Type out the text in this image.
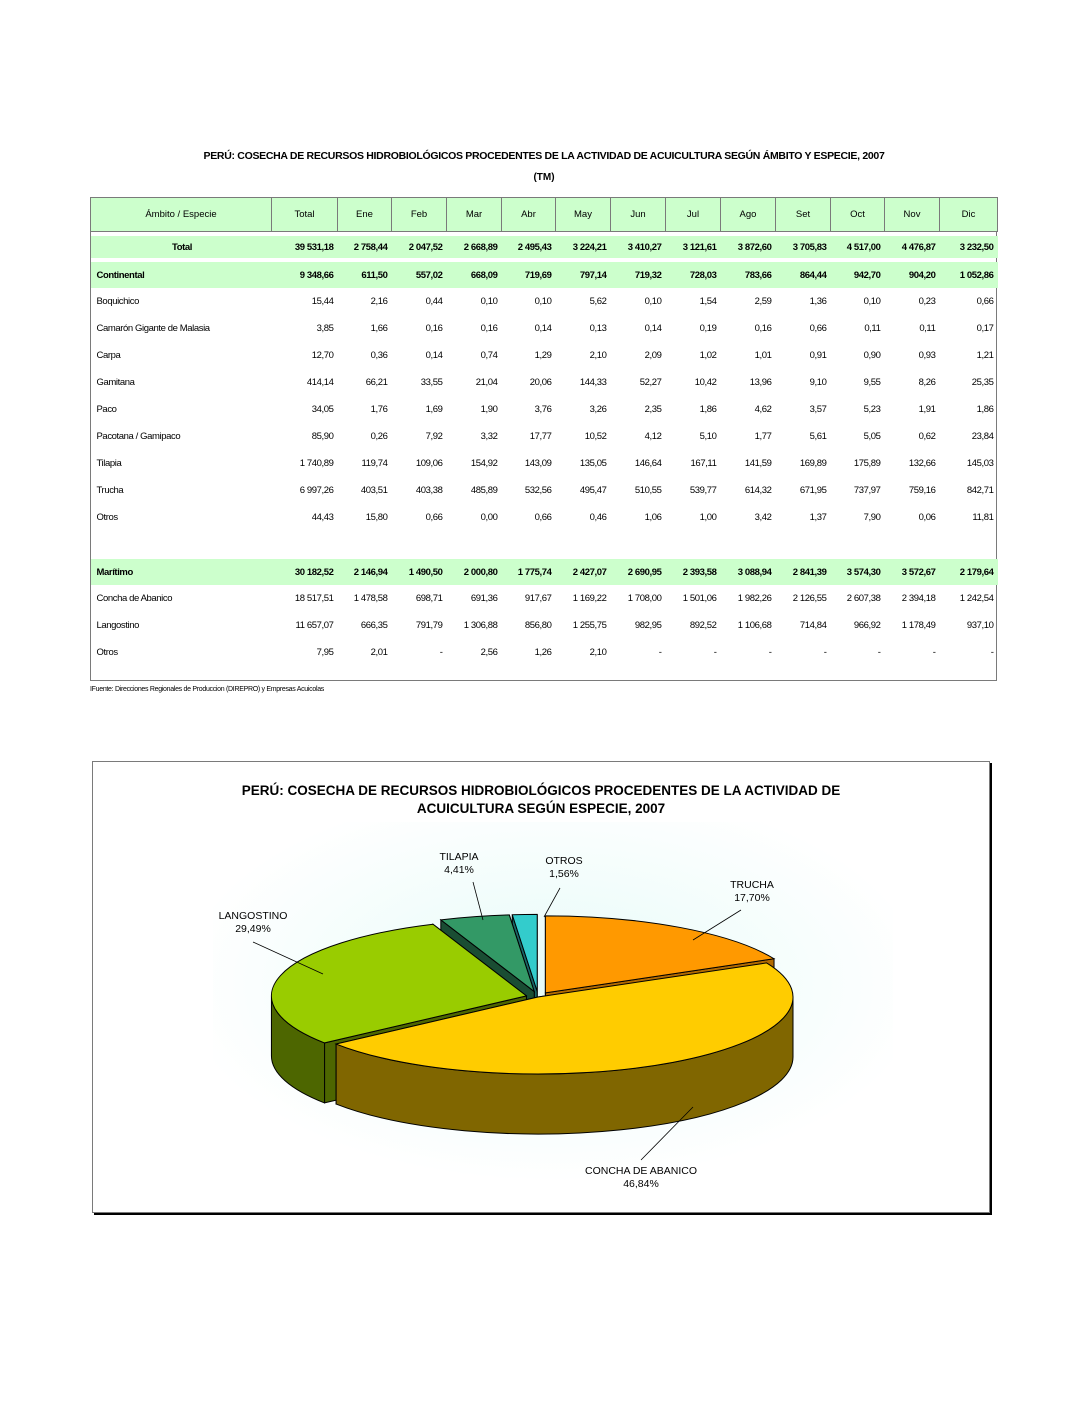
PERÚ: COSECHA DE RECURSOS HIDROBIOLÓGICOS PROCEDENTES DE LA ACTIVIDAD DE ACUICULTURA SEGÚN ÁMBITO Y ESPECIE, 2007
(TM)
Ámbito / Especie	Total	Ene	Feb	Mar	Abr	May	Jun	Jul	Ago	Set	Oct	Nov	Dic

Total	39 531,18	2 758,44	2 047,52	2 668,89	2 495,43	3 224,21	3 410,27	3 121,61	3 872,60	3 705,83	4 517,00	4 476,87	3 232,50

Continental	9 348,66	611,50	557,02	668,09	719,69	797,14	719,32	728,03	783,66	864,44	942,70	904,20	1 052,86
Boquichico	15,44	2,16	0,44	0,10	0,10	5,62	0,10	1,54	2,59	1,36	0,10	0,23	0,66
Camarón Gigante de Malasia	3,85	1,66	0,16	0,16	0,14	0,13	0,14	0,19	0,16	0,66	0,11	0,11	0,17
Carpa	12,70	0,36	0,14	0,74	1,29	2,10	2,09	1,02	1,01	0,91	0,90	0,93	1,21
Gamitana	414,14	66,21	33,55	21,04	20,06	144,33	52,27	10,42	13,96	9,10	9,55	8,26	25,35
Paco	34,05	1,76	1,69	1,90	3,76	3,26	2,35	1,86	4,62	3,57	5,23	1,91	1,86
Pacotana / Gamipaco	85,90	0,26	7,92	3,32	17,77	10,52	4,12	5,10	1,77	5,61	5,05	0,62	23,84
Tilapia	1 740,89	119,74	109,06	154,92	143,09	135,05	146,64	167,11	141,59	169,89	175,89	132,66	145,03
Trucha	6 997,26	403,51	403,38	485,89	532,56	495,47	510,55	539,77	614,32	671,95	737,97	759,16	842,71
Otros	44,43	15,80	0,66	0,00	0,66	0,46	1,06	1,00	3,42	1,37	7,90	0,06	11,81

Marítimo	30 182,52	2 146,94	1 490,50	2 000,80	1 775,74	2 427,07	2 690,95	2 393,58	3 088,94	2 841,39	3 574,30	3 572,67	2 179,64
Concha de Abanico	18 517,51	1 478,58	698,71	691,36	917,67	1 169,22	1 708,00	1 501,06	1 982,26	2 126,55	2 607,38	2 394,18	1 242,54
Langostino	11 657,07	666,35	791,79	1 306,88	856,80	1 255,75	982,95	892,52	1 106,68	714,84	966,92	1 178,49	937,10
Otros	7,95	2,01	-	2,56	1,26	2,10	-	-	-	-	-	-	-
IFuente: Direcciones Regionales de Produccion (DIREPRO) y Empresas Acuicolas
PERÚ: COSECHA DE RECURSOS HIDROBIOLÓGICOS PROCEDENTES DE LA ACTIVIDAD DE
ACUICULTURA SEGÚN ESPECIE, 2007
TRUCHA
17,70%
CONCHA DE ABANICO
46,84%
LANGOSTINO
29,49%
TILAPIA
4,41%
OTROS
1,56%
